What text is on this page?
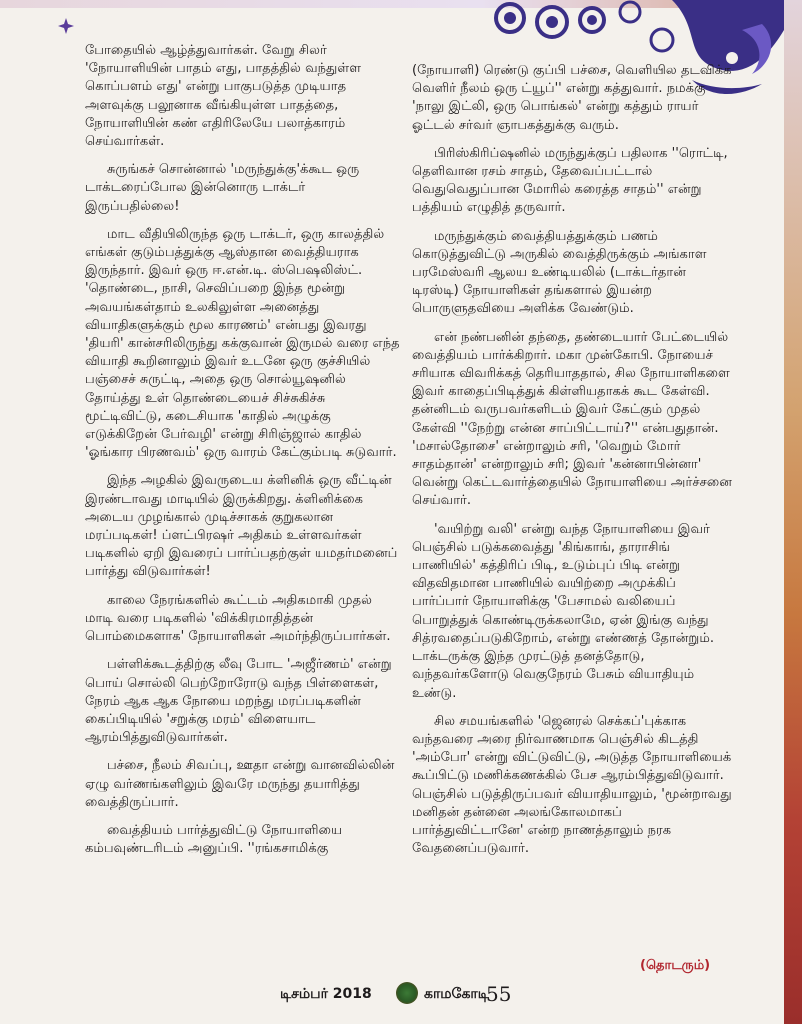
போதையில் ஆழ்த்துவார்கள். வேறு சிலர் 'நோயாளியின் பாதம் எது, பாதத்தில் வந்துள்ள கொப்பளம் எது' என்று பாகுபடுத்த முடியாத அளவுக்கு பலூனாக வீங்கியுள்ள பாதத்தை, நோயாளியின் கண் எதிரிலேயே பலாத்காரம் செய்வார்கள்.

சுருங்கச் சொன்னால் 'மருந்துக்கு'க்கூட ஒரு டாக்டரைப்போல இன்னொரு டாக்டர் இருப்பதில்லை!

மாட வீதியிலிருந்த ஒரு டாக்டர், ஒரு காலத்தில் எங்கள் குடும்பத்துக்கு ஆஸ்தான வைத்தியராக இருந்தார். இவர் ஒரு ஈ.என்.டி. ஸ்பெஷலிஸ்ட். 'தொண்டை, நாசி, செவிப்பறை இந்த மூன்று அவயங்கள்தாம் உலகிலுள்ள அனைத்து வியாதிகளுக்கும் மூல காரணம்' என்பது இவரது 'தியரி' கான்சரிலிருந்து கக்குவான் இருமல் வரை எந்த வியாதி கூறினாலும் இவர் உடனே ஒரு குச்சியில் பஞ்சைச் சுருட்டி, அதை ஒரு சொல்யூஷனில் தோய்த்து உள் தொண்டையைச் சிச்சுகிச்சு மூட்டிவிட்டு, கடைசியாக 'காதில் அழுக்கு எடுக்கிறேன் பேர்வழி' என்று சிரிஞ்ஜால் காதில் 'ஓங்கார பிரணவம்' ஒரு வாரம் கேட்கும்படி சுடுவார்.

இந்த அழகில் இவருடைய க்ளினிக் ஒரு வீட்டின் இரண்டாவது மாடியில் இருக்கிறது. க்ளினிக்கை அடைய முழங்கால் முடிச்சாகக் குறுகலான மரப்படிகள்! ப்ளட்பிரஷர் அதிகம் உள்ளவர்கள் படிகளில் ஏறி இவரைப் பார்ப்பதற்குள் யமதர்மனைப் பார்த்து விடுவார்கள்!

காலை நேரங்களில் கூட்டம் அதிகமாகி முதல் மாடி வரை படிகளில் 'விக்கிரமாதித்தன் பொம்மைகளாக' நோயாளிகள் அமர்ந்திருப்பார்கள்.

பள்ளிக்கூடத்திற்கு லீவு போட 'அஜீர்ணம்' என்று பொய் சொல்லி பெற்றோரோடு வந்த பிள்ளைகள், நேரம் ஆக ஆக நோயை மறந்து மரப்படிகளின் கைப்பிடியில் 'சறுக்கு மரம்' விளையாட ஆரம்பித்துவிடுவார்கள்.

பச்சை, நீலம் சிவப்பு, ஊதா என்று வானவில்லின் ஏழு வர்ணங்களிலும் இவரே மருந்து தயாரித்து வைத்திருப்பார்.

வைத்தியம் பார்த்துவிட்டு நோயாளியை கம்பவுண்டரிடம் அனுப்பி. ''ரங்கசாமிக்கு

(நோயாளி) ரெண்டு குப்பி பச்சை, வெளியில தடவிக்க வெளிர் நீலம் ஒரு ட்யூப்'' என்று கத்துவார். நமக்கு 'நாலு இட்லி, ஒரு பொங்கல்' என்று கத்தும் ராயர் ஓட்டல் சர்வர் ஞாபகத்துக்கு வரும்.

பிரிஸ்கிரிப்ஷனில் மருந்துக்குப் பதிலாக ''ரொட்டி, தெளிவான ரசம் சாதம், தேவைப்பட்டால் வெதுவெதுப்பான மோரில் கரைத்த சாதம்'' என்று பத்தியம் எழுதித் தருவார்.

மருந்துக்கும் வைத்தியத்துக்கும் பணம் கொடுத்துவிட்டு அருகில் வைத்திருக்கும் அங்காள பரமேஸ்வரி ஆலய உண்டியலில் (டாக்டர்தான் டிரஸ்டி) நோயாளிகள் தங்களால் இயன்ற பொருளுதவியை அளிக்க வேண்டும்.

என் நண்பனின் தந்தை, தண்டையார் பேட்டையில் வைத்தியம் பார்க்கிறார். மகா முன்கோபி. நோயைச் சரியாக விவரிக்கத் தெரியாததால், சில நோயாளிகளை இவர் காதைப்பிடித்துக் கிள்ளியதாகக் கூட கேள்வி. தன்னிடம் வருபவர்களிடம் இவர் கேட்கும் முதல் கேள்வி ''நேற்று என்ன சாப்பிட்டாய்?'' என்பதுதான். 'மசால்தோசை' என்றாலும் சரி, 'வெறும் மோர் சாதம்தான்' என்றாலும் சரி; இவர் 'கன்னாபின்னா' வென்று கெட்டவார்த்தையில் நோயாளியை அர்ச்சனை செய்வார்.

'வயிற்று வலி' என்று வந்த நோயாளியை இவர் பெஞ்சில் படுக்கவைத்து 'கிங்காங், தாராசிங் பாணியில்' கத்திரிப் பிடி, உடும்புப் பிடி என்று விதவிதமான பாணியில் வயிற்றை அமுக்கிப் பார்ப்பார் நோயாளிக்கு 'பேசாமல் வலியைப் பொறுத்துக் கொண்டிருக்கலாமே, ஏன் இங்கு வந்து சித்ரவதைப்படுகிறோம், என்று எண்ணத் தோன்றும். டாக்டருக்கு இந்த முரட்டுத் தனத்தோடு, வந்தவர்களோடு வெகுநேரம் பேசும் வியாதியும் உண்டு.

சில சமயங்களில் 'ஜெனரல் செக்கப்'புக்காக வந்தவரை அரை நிர்வாணமாக பெஞ்சில் கிடத்தி 'அம்போ' என்று விட்டுவிட்டு, அடுத்த நோயாளியைக் கூப்பிட்டு மணிக்கணக்கில் பேச ஆரம்பித்துவிடுவார். பெஞ்சில் படுத்திருப்பவர் வியாதியாலும், 'மூன்றாவது மனிதன் தன்னை அலங்கோலமாகப் பார்த்துவிட்டானே' என்ற நாணத்தாலும் நரக வேதனைப்படுவார்.

(தொடரும்)
டிசம்பர் 2018	காமகோடி
55
